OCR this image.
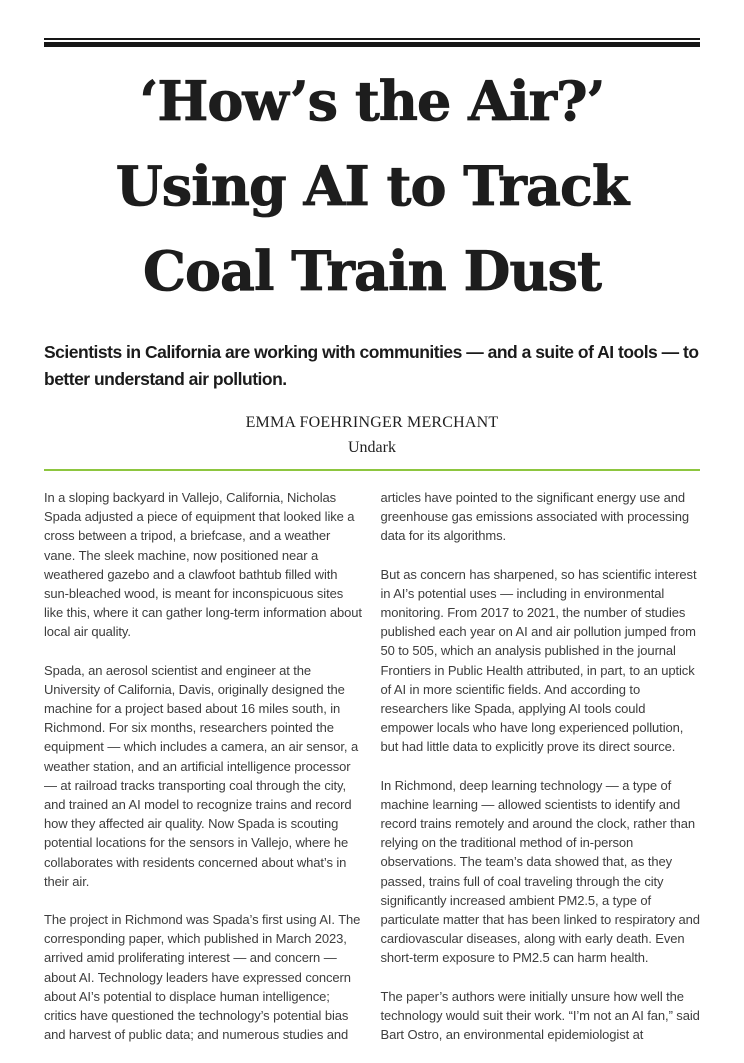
‘How’s the Air?’
Using AI to Track
Coal Train Dust

Scientists in California are working with communities — and a suite of AI tools — to better understand air pollution.

EMMA FOEHRINGER MERCHANT

Undark

In a sloping backyard in Vallejo, California, Nicholas Spada adjusted a piece of equipment that looked like a cross between a tripod, a briefcase, and a weather vane. The sleek machine, now positioned near a weathered gazebo and a clawfoot bathtub filled with sun-bleached wood, is meant for inconspicuous sites like this, where it can gather long-term information about local air quality.

Spada, an aerosol scientist and engineer at the University of California, Davis, originally designed the machine for a project based about 16 miles south, in Richmond. For six months, researchers pointed the equipment — which includes a camera, an air sensor, a weather station, and an artificial intelligence processor — at railroad tracks transporting coal through the city, and trained an AI model to recognize trains and record how they affected air quality. Now Spada is scouting potential locations for the sensors in Vallejo, where he collaborates with residents concerned about what’s in their air.

The project in Richmond was Spada’s first using AI. The corresponding paper, which published in March 2023, arrived amid proliferating interest — and concern — about AI. Technology leaders have expressed concern about AI’s potential to displace human intelligence; critics have questioned the technology’s potential bias and harvest of public data; and numerous studies and

articles have pointed to the significant energy use and greenhouse gas emissions associated with processing data for its algorithms.

But as concern has sharpened, so has scientific interest in AI’s potential uses — including in environmental monitoring. From 2017 to 2021, the number of studies published each year on AI and air pollution jumped from 50 to 505, which an analysis published in the journal Frontiers in Public Health attributed, in part, to an uptick of AI in more scientific fields. And according to researchers like Spada, applying AI tools could empower locals who have long experienced pollution, but had little data to explicitly prove its direct source.

In Richmond, deep learning technology — a type of machine learning — allowed scientists to identify and record trains remotely and around the clock, rather than relying on the traditional method of in-person observations. The team’s data showed that, as they passed, trains full of coal traveling through the city significantly increased ambient PM2.5, a type of particulate matter that has been linked to respiratory and cardiovascular diseases, along with early death. Even short-term exposure to PM2.5 can harm health.

The paper’s authors were initially unsure how well the technology would suit their work. “I’m not an AI fan,” said Bart Ostro, an environmental epidemiologist at
